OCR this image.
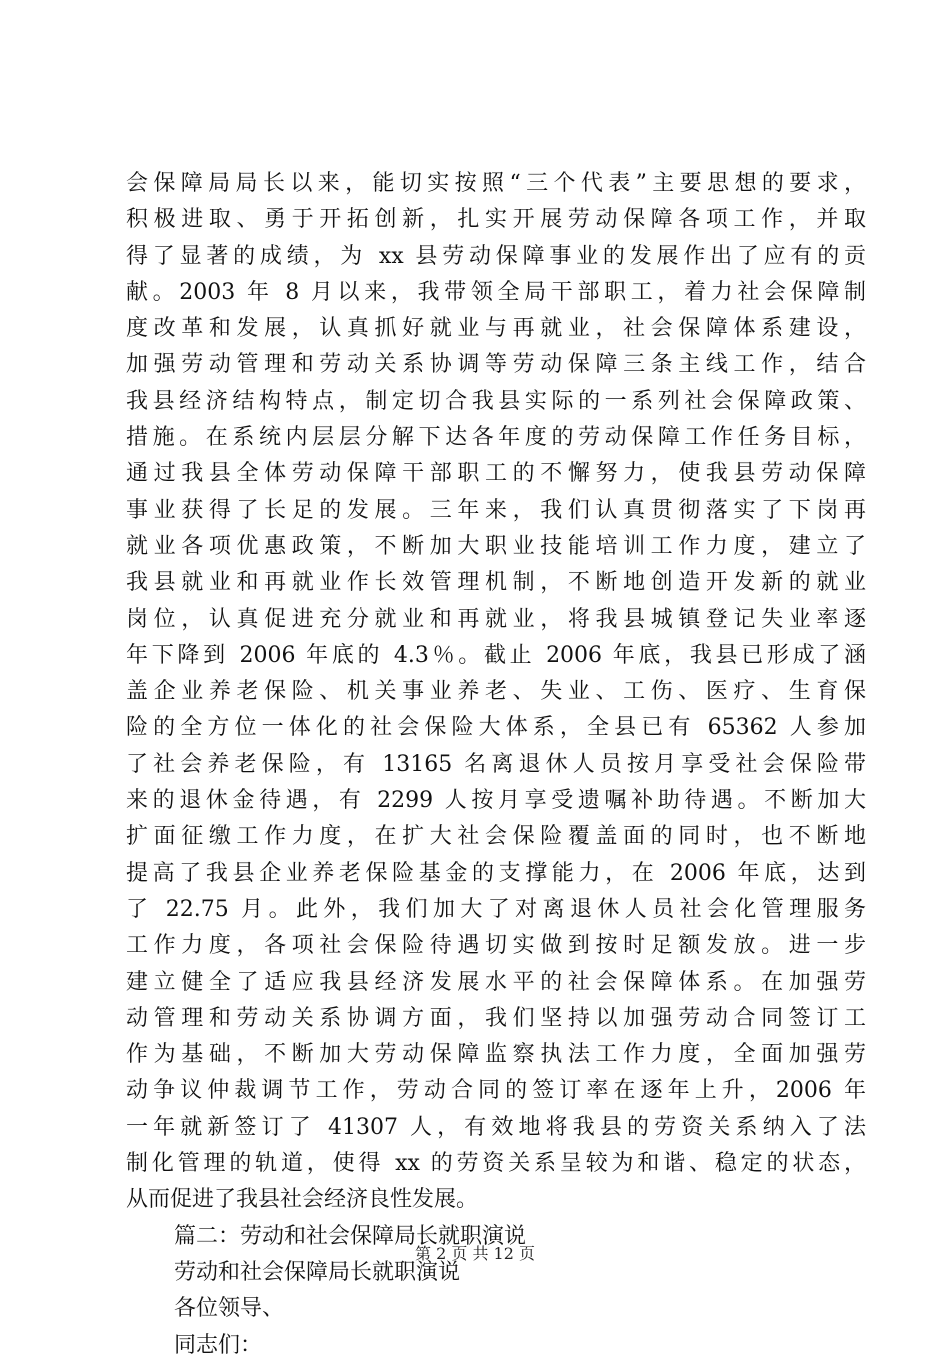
会保障局局长以来，能切实按照“三个代表”主要思想的要求，
积极进取、勇于开拓创新，扎实开展劳动保障各项工作，并取
得了显著的成绩，为 xx 县劳动保障事业的发展作出了应有的贡
献。2003 年 8 月以来，我带领全局干部职工，着力社会保障制
度改革和发展，认真抓好就业与再就业，社会保障体系建设，
加强劳动管理和劳动关系协调等劳动保障三条主线工作，结合
我县经济结构特点，制定切合我县实际的一系列社会保障政策、
措施。在系统内层层分解下达各年度的劳动保障工作任务目标，
通过我县全体劳动保障干部职工的不懈努力，使我县劳动保障
事业获得了长足的发展。三年来，我们认真贯彻落实了下岗再
就业各项优惠政策，不断加大职业技能培训工作力度，建立了
我县就业和再就业作长效管理机制，不断地创造开发新的就业
岗位，认真促进充分就业和再就业，将我县城镇登记失业率逐
年下降到 2006 年底的 4.3％。截止 2006 年底，我县已形成了涵
盖企业养老保险、机关事业养老、失业、工伤、医疗、生育保
险的全方位一体化的社会保险大体系，全县已有 65362 人参加
了社会养老保险，有 13165 名离退休人员按月享受社会保险带
来的退休金待遇，有 2299 人按月享受遗嘱补助待遇。不断加大
扩面征缴工作力度，在扩大社会保险覆盖面的同时，也不断地
提高了我县企业养老保险基金的支撑能力，在 2006 年底，达到
了 22.75 月。此外，我们加大了对离退休人员社会化管理服务
工作力度，各项社会保险待遇切实做到按时足额发放。进一步
建立健全了适应我县经济发展水平的社会保障体系。在加强劳
动管理和劳动关系协调方面，我们坚持以加强劳动合同签订工
作为基础，不断加大劳动保障监察执法工作力度，全面加强劳
动争议仲裁调节工作，劳动合同的签订率在逐年上升，2006 年
一年就新签订了 41307 人，有效地将我县的劳资关系纳入了法
制化管理的轨道，使得 xx 的劳资关系呈较为和谐、稳定的状态，
从而促进了我县社会经济良性发展。
篇二：劳动和社会保障局长就职演说
劳动和社会保障局长就职演说
各位领导、
同志们：
第 2 页 共 12 页
